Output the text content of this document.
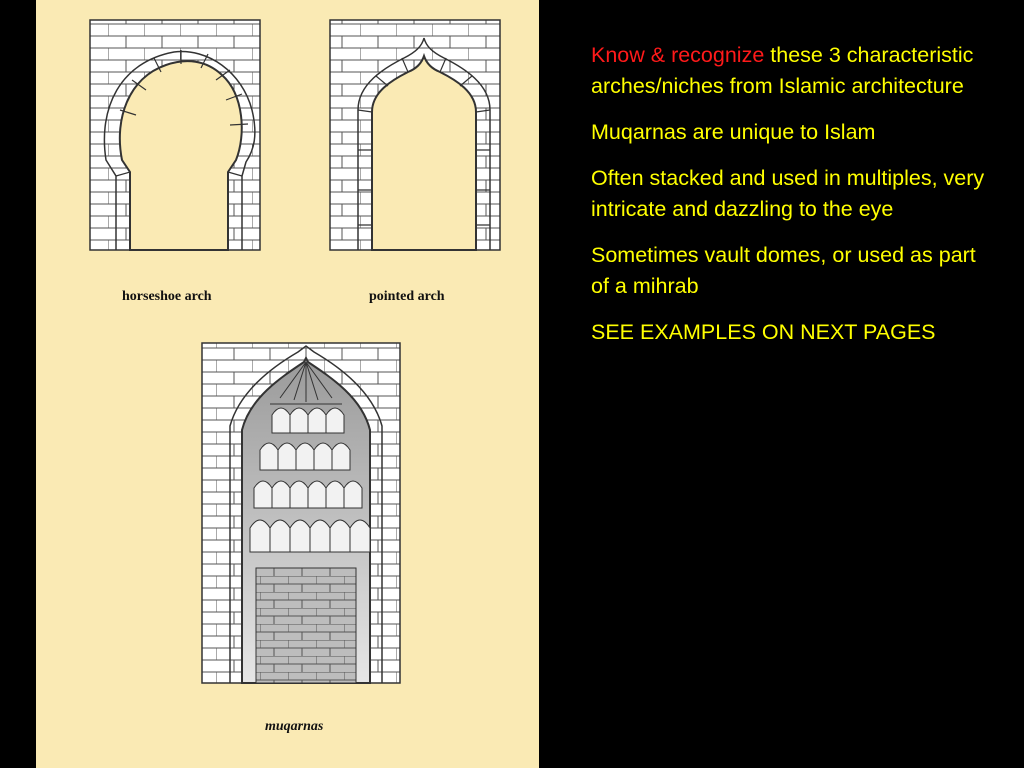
horseshoe arch	pointed arch
muqarnas

Know & recognize these 3 characteristic arches/niches from Islamic architecture

Muqarnas are unique to Islam

Often stacked and used in multiples, very intricate and dazzling to the eye

Sometimes vault domes, or used as part of a mihrab

SEE EXAMPLES ON NEXT PAGES
